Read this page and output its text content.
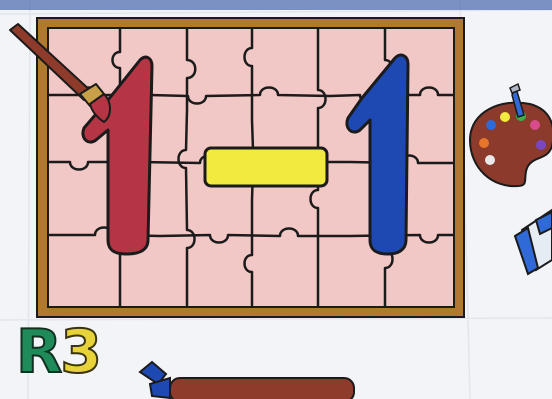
R3
